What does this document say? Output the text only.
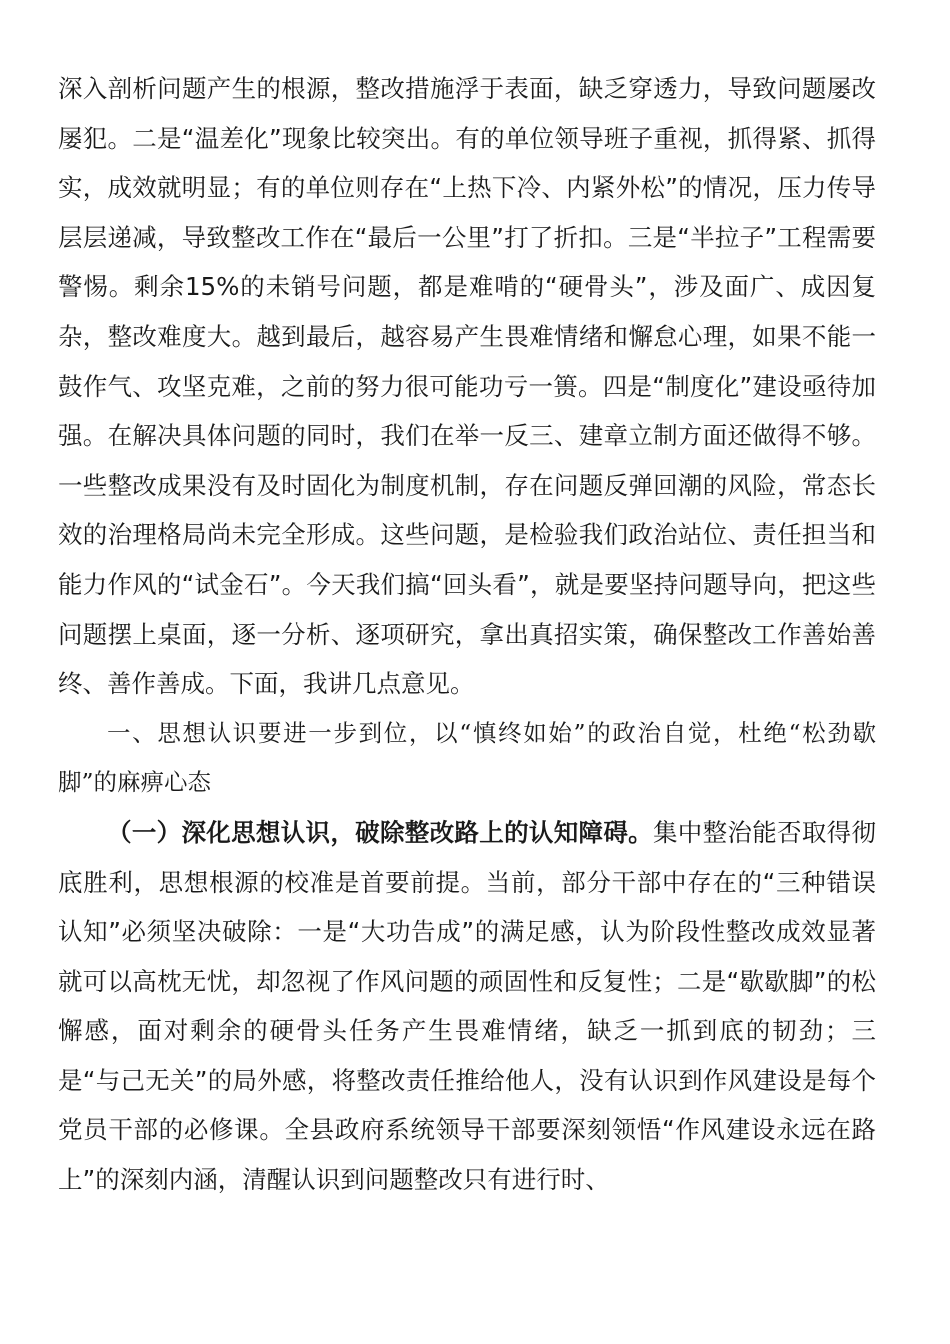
深入剖析问题产生的根源，整改措施浮于表面，缺乏穿透力，导致问题屡改屡犯。二是“温差化”现象比较突出。有的单位领导班子重视，抓得紧、抓得实，成效就明显；有的单位则存在“上热下冷、内紧外松”的情况，压力传导层层递减，导致整改工作在“最后一公里”打了折扣。三是“半拉子”工程需要警惕。剩余15%的未销号问题，都是难啃的“硬骨头”，涉及面广、成因复杂，整改难度大。越到最后，越容易产生畏难情绪和懈怠心理，如果不能一鼓作气、攻坚克难，之前的努力很可能功亏一篑。四是“制度化”建设亟待加强。在解决具体问题的同时，我们在举一反三、建章立制方面还做得不够。一些整改成果没有及时固化为制度机制，存在问题反弹回潮的风险，常态长效的治理格局尚未完全形成。这些问题，是检验我们政治站位、责任担当和能力作风的“试金石”。今天我们搞“回头看”，就是要坚持问题导向，把这些问题摆上桌面，逐一分析、逐项研究，拿出真招实策，确保整改工作善始善终、善作善成。下面，我讲几点意见。

一、思想认识要进一步到位，以“慎终如始”的政治自觉，杜绝“松劲歇脚”的麻痹心态

（一）深化思想认识，破除整改路上的认知障碍。集中整治能否取得彻底胜利，思想根源的校准是首要前提。当前，部分干部中存在的“三种错误认知”必须坚决破除：一是“大功告成”的满足感，认为阶段性整改成效显著就可以高枕无忧，却忽视了作风问题的顽固性和反复性；二是“歇歇脚”的松懈感，面对剩余的硬骨头任务产生畏难情绪，缺乏一抓到底的韧劲；三是“与己无关”的局外感，将整改责任推给他人，没有认识到作风建设是每个党员干部的必修课。全县政府系统领导干部要深刻领悟“作风建设永远在路上”的深刻内涵，清醒认识到问题整改只有进行时、
